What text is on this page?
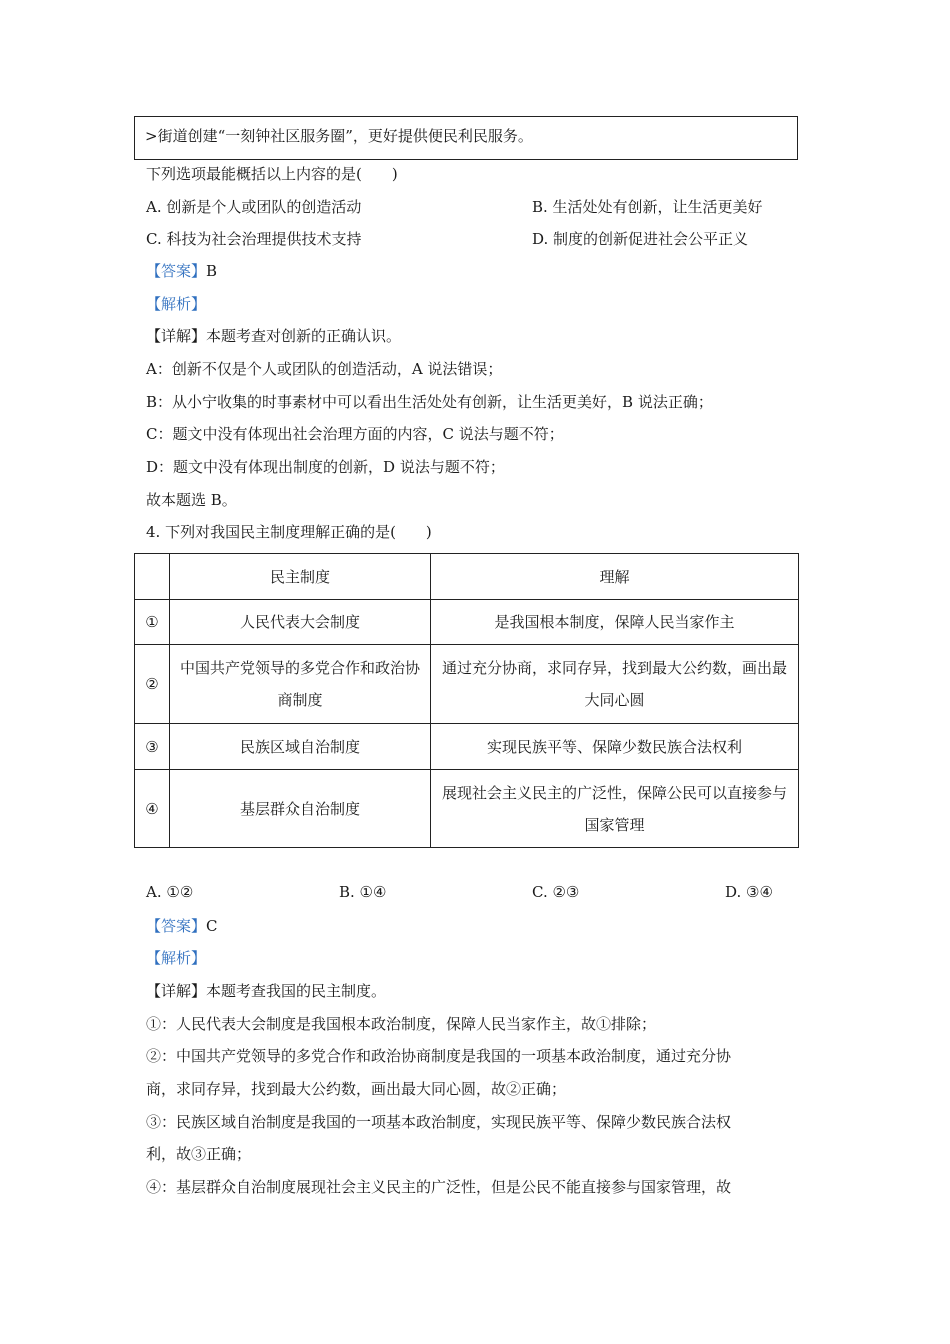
>街道创建“一刻钟社区服务圈”，更好提供便民利民服务。
下列选项最能概括以上内容的是(　　)
A. 创新是个人或团队的创造活动	B. 生活处处有创新，让生活更美好
C. 科技为社会治理提供技术支持	D. 制度的创新促进社会公平正义
【答案】B
【解析】
【详解】本题考查对创新的正确认识。
A：创新不仅是个人或团队的创造活动，A 说法错误；
B：从小宁收集的时事素材中可以看出生活处处有创新，让生活更美好，B 说法正确；
C：题文中没有体现出社会治理方面的内容，C 说法与题不符；
D：题文中没有体现出制度的创新，D 说法与题不符；
故本题选 B。
4. 下列对我国民主制度理解正确的是(　　)
	民主制度	理解
①	人民代表大会制度	是我国根本制度，保障人民当家作主
②	中国共产党领导的多党合作和政治协商制度	通过充分协商，求同存异，找到最大公约数，画出最大同心圆
③	民族区域自治制度	实现民族平等、保障少数民族合法权利
④	基层群众自治制度	展现社会主义民主的广泛性，保障公民可以直接参与国家管理
A. ①②	B. ①④	C. ②③	D. ③④
【答案】C
【解析】
【详解】本题考查我国的民主制度。
①：人民代表大会制度是我国根本政治制度，保障人民当家作主，故①排除；
②：中国共产党领导的多党合作和政治协商制度是我国的一项基本政治制度，通过充分协
商，求同存异，找到最大公约数，画出最大同心圆，故②正确；
③：民族区域自治制度是我国的一项基本政治制度，实现民族平等、保障少数民族合法权
利，故③正确；
④：基层群众自治制度展现社会主义民主的广泛性，但是公民不能直接参与国家管理，故
